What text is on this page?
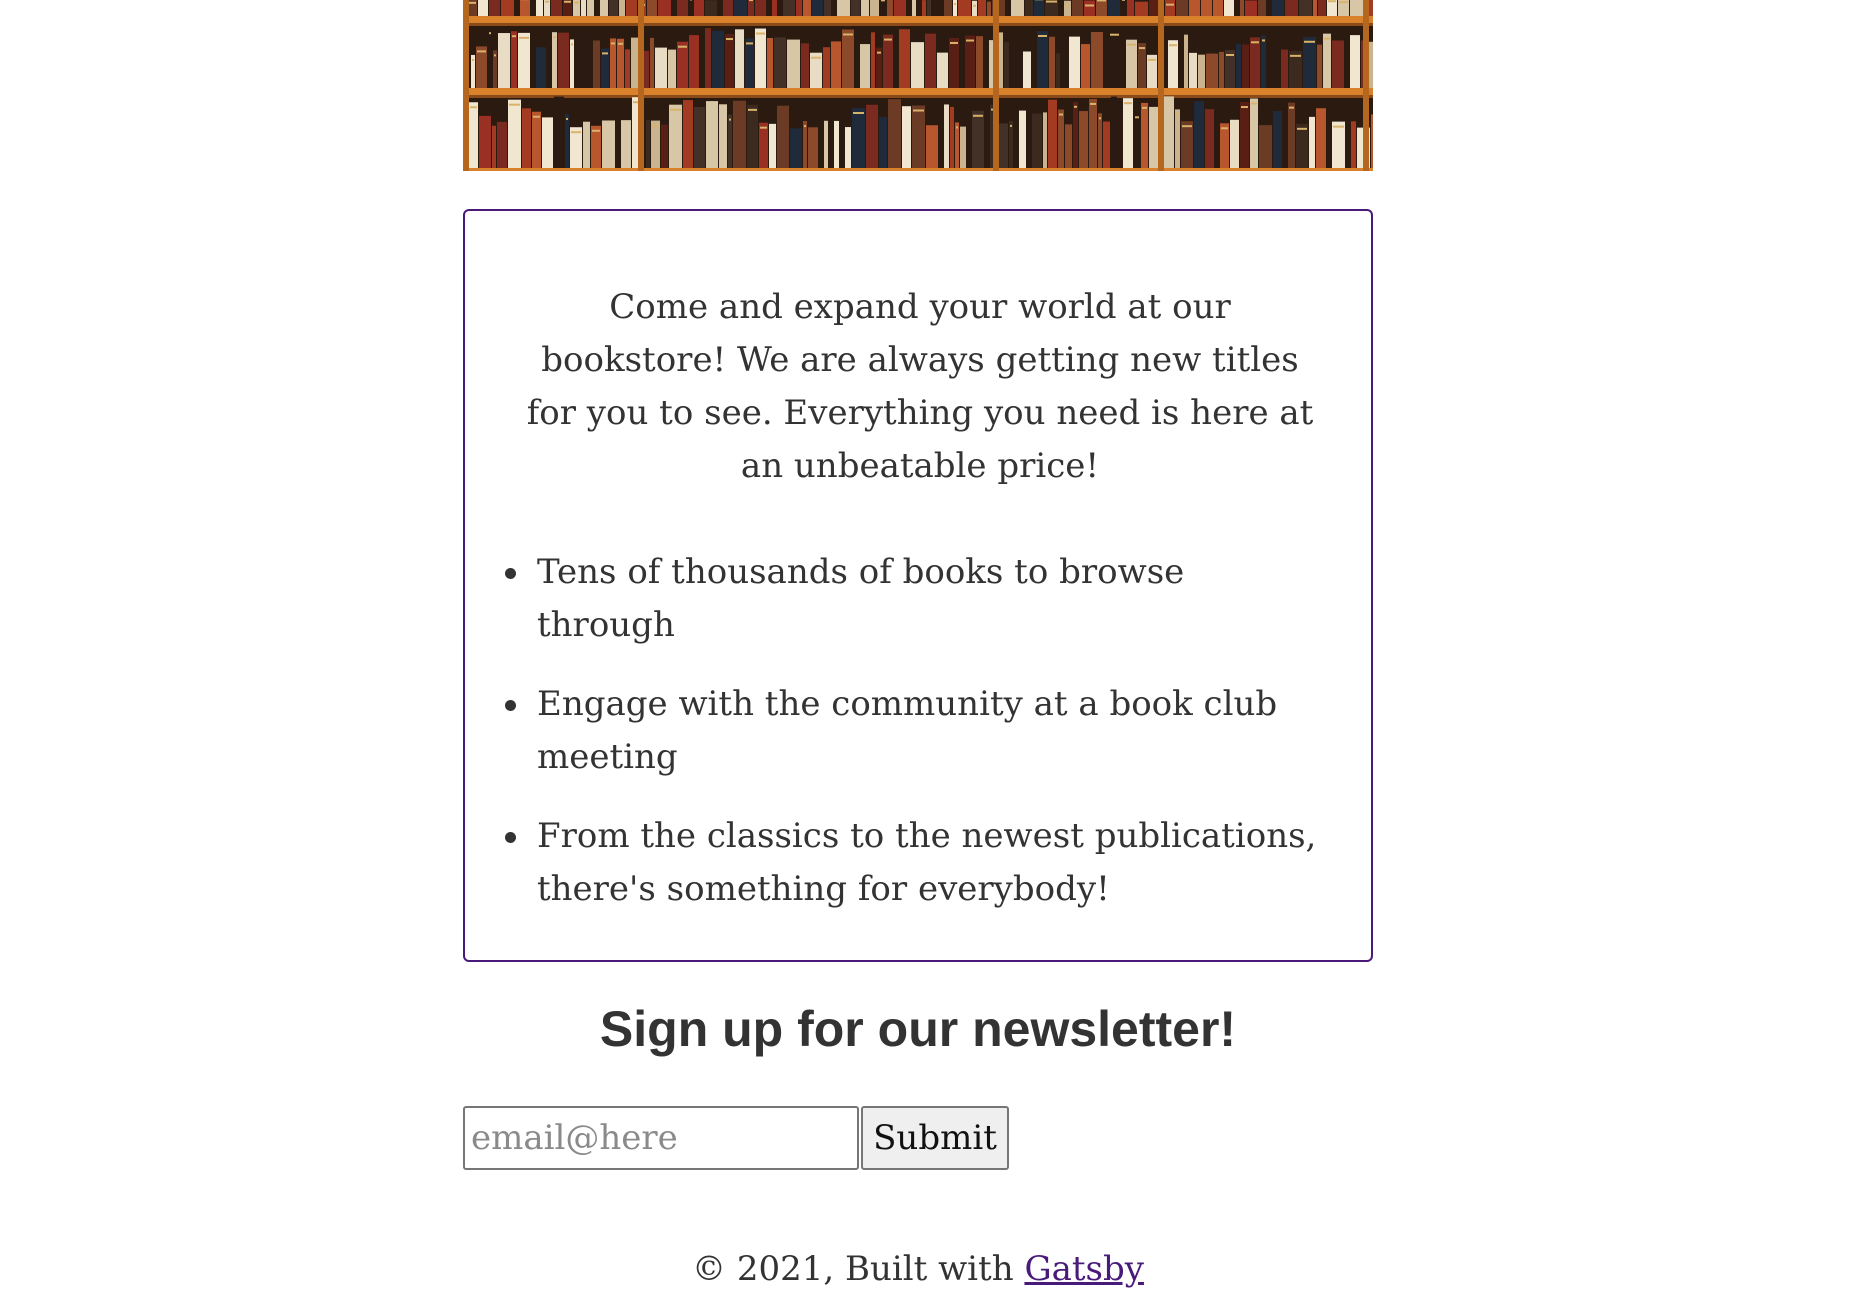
Come and expand your world at our bookstore! We are always getting new titles for you to see. Everything you need is here at an unbeatable price!

Tens of thousands of books to browse through
Engage with the community at a book club meeting
From the classics to the newest publications, there's something for everybody!
Sign up for our newsletter!
email@here
Submit
© 2021, Built with Gatsby
